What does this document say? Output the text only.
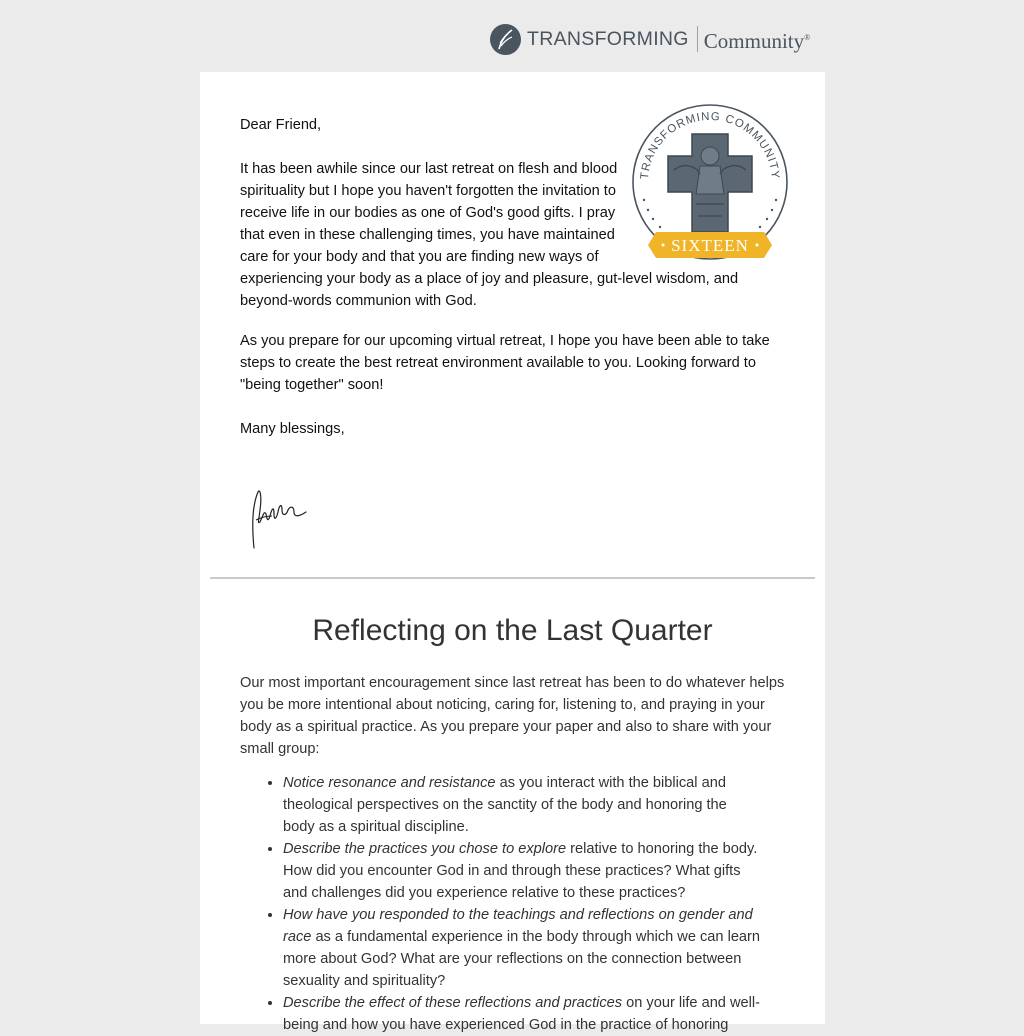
TRANSFORMING Community®
TRANSFORMING COMMUNITY
SIXTEEN

Dear Friend,

It has been awhile since our last retreat on flesh and blood spirituality but I hope you haven't forgotten the invitation to receive life in our bodies as one of God's good gifts. I pray that even in these challenging times, you have maintained care for your body and that you are finding new ways of experiencing your body as a place of joy and pleasure, gut-level wisdom, and beyond-words communion with God.

As you prepare for our upcoming virtual retreat, I hope you have been able to take steps to create the best retreat environment available to you. Looking forward to "being together" soon!

Many blessings,

Reflecting on the Last Quarter

Our most important encouragement since last retreat has been to do whatever helps you be more intentional about noticing, caring for, listening to, and praying in your body as a spiritual practice. As you prepare your paper and also to share with your small group:

• Notice resonance and resistance as you interact with the biblical and theological perspectives on the sanctity of the body and honoring the body as a spiritual discipline.
• Describe the practices you chose to explore relative to honoring the body. How did you encounter God in and through these practices? What gifts and challenges did you experience relative to these practices?
• How have you responded to the teachings and reflections on gender and race as a fundamental experience in the body through which we can learn more about God? What are your reflections on the connection between sexuality and spirituality?
• Describe the effect of these reflections and practices on your life and well-being and how you have experienced God in the practice of honoring
